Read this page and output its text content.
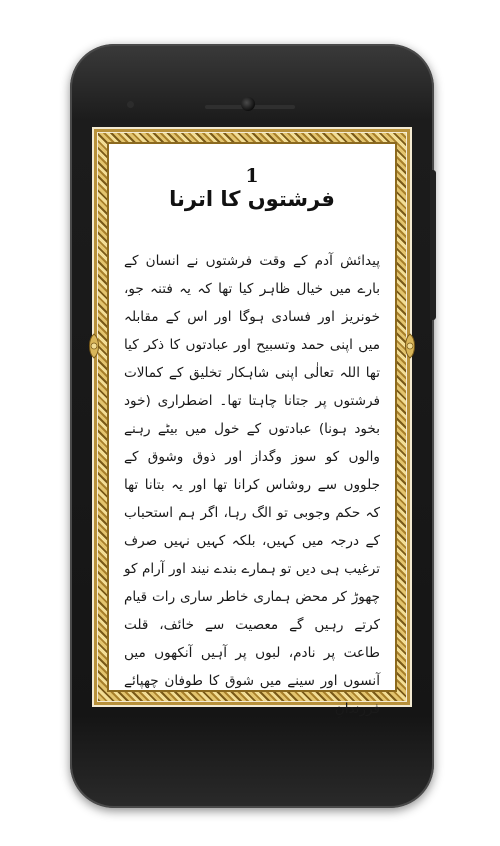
1
فرشتوں کا اترنا
پیدائش آدم کے وقت فرشتوں نے انسان کے بارے میں خیال ظاہر کیا تھا کہ یہ فتنہ جو، خونریز اور فسادی ہوگا اور اس کے مقابلہ میں اپنی حمد وتسبیح اور عبادتوں کا ذکر کیا تھا اللہ تعالٰی اپنی شاہکار تخلیق کے کمالات فرشتوں پر جتانا چاہتا تھا۔ اضطراری (خود بخود ہونا) عبادتوں کے خول میں بیٹے رہنے والوں کو سوز وگداز اور ذوق وشوق کے جلووں سے روشاس کرانا تھا اور یہ بتانا تھا کہ حکم وجوبی تو الگ رہا، اگر ہم استحباب کے درجہ میں کہیں، بلکہ کہیں نہیں صرف ترغیب ہی دیں تو ہمارے بندے نیند اور آرام کو چھوڑ کر محض ہماری خاطر ساری رات قیام کرتے رہیں گے معصیت سے خائف، قلت طاعت پر نادم، لبوں پر آہیں آنکھوں میں آنسوں اور سینے میں شوق کا طوفان چھپائے فرزندانِ
